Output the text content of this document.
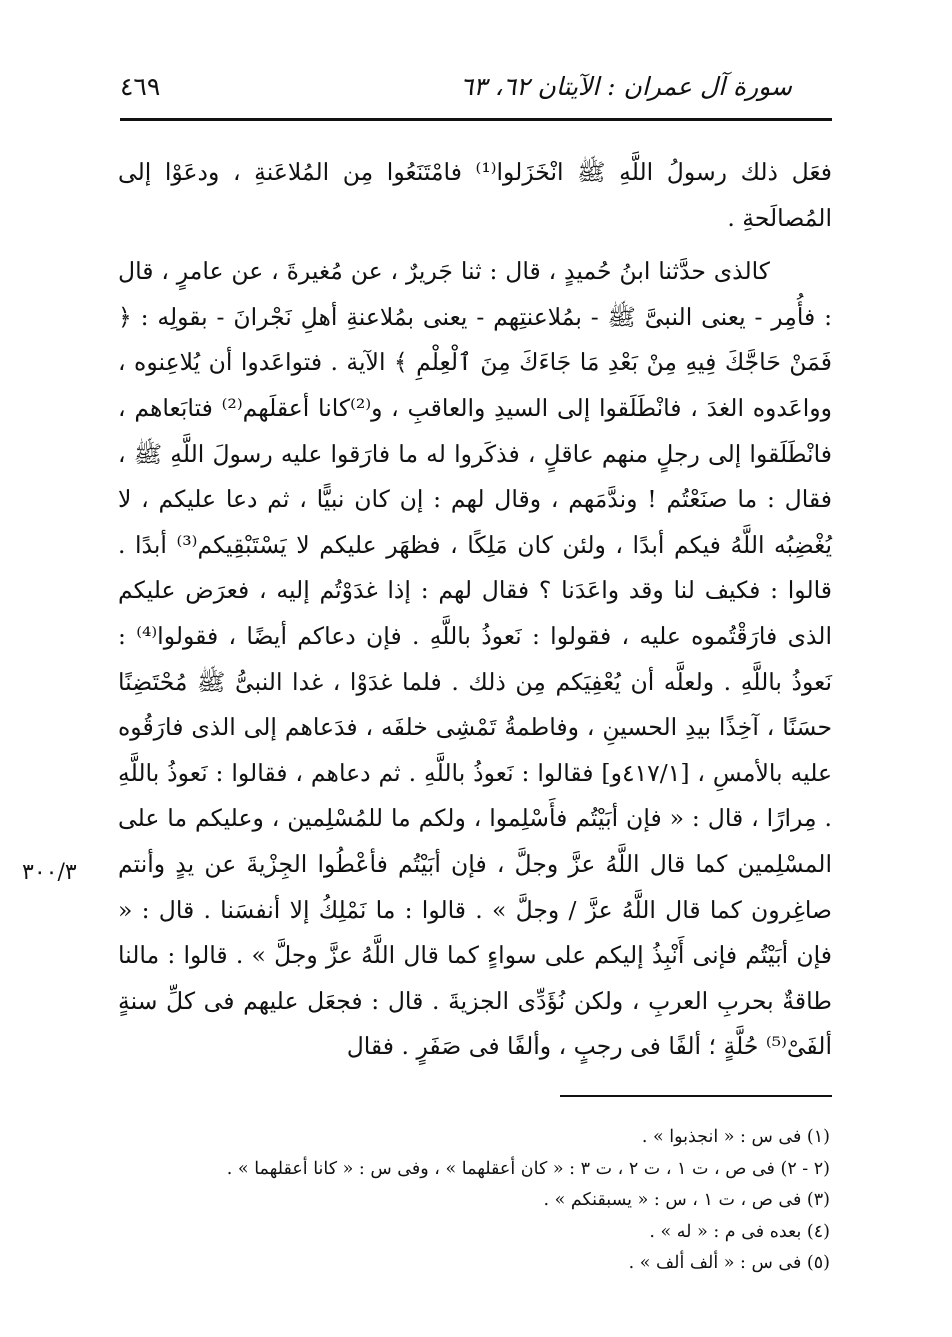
سورة آل عمران : الآيتان ٦٢، ٦٣
٤٦٩

فعَل ذلك رسولُ اللَّهِ ﷺ انْخَزَلوا⁽¹⁾ فامْتَنَعُوا مِن المُلاعَنةِ ، ودعَوْا إلى المُصالَحةِ .

كالذى حدَّثنا ابنُ حُميدٍ ، قال : ثنا جَريرٌ ، عن مُغيرةَ ، عن عامرٍ ، قال : فأُمِر - يعنى النبىَّ ﷺ - بمُلاعنتِهم - يعنى بمُلاعنةِ أهلِ نَجْرانَ - بقولِه : ﴿ فَمَنْ حَاجَّكَ فِيهِ مِنْ بَعْدِ مَا جَاءَكَ مِنَ ٱلْعِلْمِ ﴾ الآية . فتواعَدوا أن يُلاعِنوه ، وواعَدوه الغدَ ، فانْطَلَقوا إلى السيدِ والعاقبِ ، و⁽²⁾كانا أعقلَهم⁽²⁾ فتابَعاهم ، فانْطَلَقوا إلى رجلٍ منهم عاقلٍ ، فذكَروا له ما فارَقوا عليه رسولَ اللَّهِ ﷺ ، فقال : ما صنَعْتُم ! وندَّمَهم ، وقال لهم : إن كان نبيًّا ، ثم دعا عليكم ، لا يُغْضِبُه اللَّهُ فيكم أبدًا ، ولئن كان مَلِكًا ، فظهَر عليكم لا يَسْتَبْقِيكم⁽³⁾ أبدًا . قالوا : فكيف لنا وقد واعَدَنا ؟ فقال لهم : إذا غدَوْتُم إليه ، فعرَض عليكم الذى فارَقْتُموه عليه ، فقولوا : نَعوذُ باللَّهِ . فإن دعاكم أيضًا ، فقولوا⁽⁴⁾ : نَعوذُ باللَّهِ . ولعلَّه أن يُعْفِيَكم مِن ذلك . فلما غدَوْا ، غدا النبىُّ ﷺ مُحْتَضِنًا حسَنًا ، آخِذًا بيدِ الحسينِ ، وفاطمةُ تَمْشِى خلفَه ، فدَعاهم إلى الذى فارَقُوه عليه بالأمسِ ، [٤١٧/١و] فقالوا : نَعوذُ باللَّهِ . ثم دعاهم ، فقالوا : نَعوذُ باللَّهِ . مِرارًا ، قال : « فإن أبَيْتُم فأَسْلِموا ، ولكم ما للمُسْلِمين ، وعليكم ما على المسْلِمين كما قال اللَّهُ عزَّ وجلَّ ، فإن أبَيْتُم فأعْطُوا الجِزْيةَ عن يدٍ وأنتم صاغِرون كما قال اللَّهُ عزَّ / وجلَّ » . قالوا : ما نَمْلِكُ إلا أنفسَنا . قال : « فإن أبَيْتُم فإنى أَنْبِذُ إليكم على سواءٍ كما قال اللَّهُ عزَّ وجلَّ » . قالوا : مالنا طاقةٌ بحربِ العربِ ، ولكن نُؤَدِّى الجزيةَ . قال : فجعَل عليهم فى كلِّ سنةٍ ألفَىْ⁽⁵⁾ حُلَّةٍ ؛ ألفًا فى رجبٍ ، وألفًا فى صَفَرٍ . فقال

٣٠٠/٣

(١) فى س : « انجذبوا » .

(٢ - ٢) فى ص ، ت ١ ، ت ٢ ، ت ٣ : « كان أعقلهما » ، وفى س : « كانا أعقلهما » .

(٣) فى ص ، ت ١ ، س : « يسبقنكم » .

(٤) بعده فى م : « له » .

(٥) فى س : « ألف ألف » .
